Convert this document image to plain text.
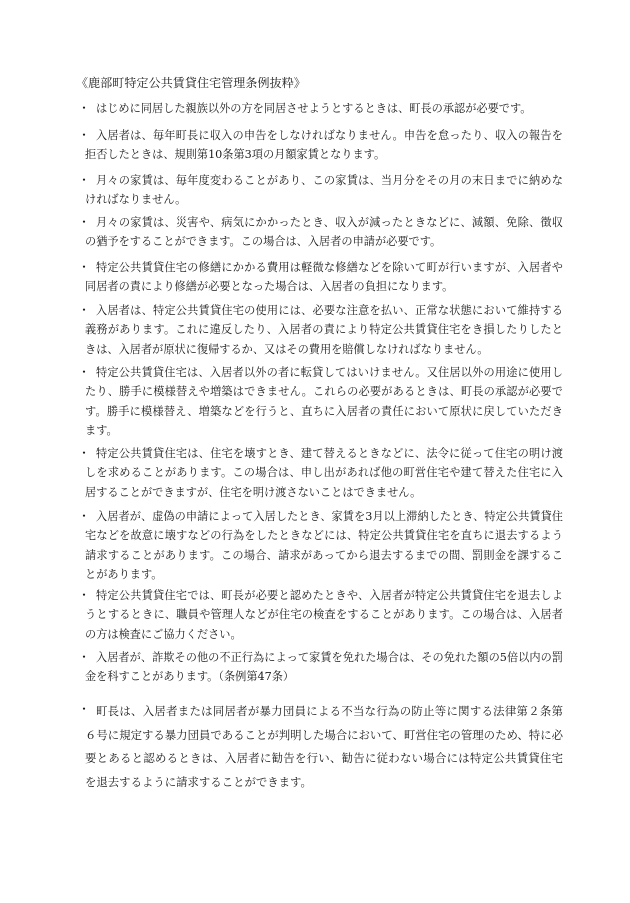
《鹿部町特定公共賃貸住宅管理条例抜粋》
・ はじめに同居した親族以外の方を同居させようとするときは、町長の承認が必要です。
・ 入居者は、毎年町長に収入の申告をしなければなりません。申告を怠ったり、収入の報告を拒否したときは、規則第10条第3項の月額家賃となります。
・ 月々の家賃は、毎年度変わることがあり、この家賃は、当月分をその月の末日までに納めなければなりません。
・ 月々の家賃は、災害や、病気にかかったとき、収入が減ったときなどに、減額、免除、徴収の猶予をすることができます。この場合は、入居者の申請が必要です。
・ 特定公共賃貸住宅の修繕にかかる費用は軽微な修繕などを除いて町が行いますが、入居者や同居者の責により修繕が必要となった場合は、入居者の負担になります。
・ 入居者は、特定公共賃貸住宅の使用には、必要な注意を払い、正常な状態において維持する義務があります。これに違反したり、入居者の責により特定公共賃貸住宅をき損したりしたときは、入居者が原状に復帰するか、又はその費用を賠償しなければなりません。
・ 特定公共賃貸住宅は、入居者以外の者に転貸してはいけません。又住居以外の用途に使用したり、勝手に模様替えや増築はできません。これらの必要があるときは、町長の承認が必要です。勝手に模様替え、増築などを行うと、直ちに入居者の責任において原状に戻していただきます。
・ 特定公共賃貸住宅は、住宅を壊すとき、建て替えるときなどに、法令に従って住宅の明け渡しを求めることがあります。この場合は、申し出があれば他の町営住宅や建て替えた住宅に入居することができますが、住宅を明け渡さないことはできません。
・ 入居者が、虚偽の申請によって入居したとき、家賃を3月以上滞納したとき、特定公共賃貸住宅などを故意に壊すなどの行為をしたときなどには、特定公共賃貸住宅を直ちに退去するよう請求することがあります。この場合、請求があってから退去するまでの間、罰則金を課することがあります。
・ 特定公共賃貸住宅では、町長が必要と認めたときや、入居者が特定公共賃貸住宅を退去しようとするときに、職員や管理人などが住宅の検査をすることがあります。この場合は、入居者の方は検査にご協力ください。
・ 入居者が、詐欺その他の不正行為によって家賃を免れた場合は、その免れた額の5倍以内の罰金を科すことがあります。（条例第47条）
・ 町長は、入居者または同居者が暴力団員による不当な行為の防止等に関する法律第２条第６号に規定する暴力団員であることが判明した場合において、町営住宅の管理のため、特に必要とあると認めるときは、入居者に勧告を行い、勧告に従わない場合には特定公共賃貸住宅を退去するように請求することができます。
